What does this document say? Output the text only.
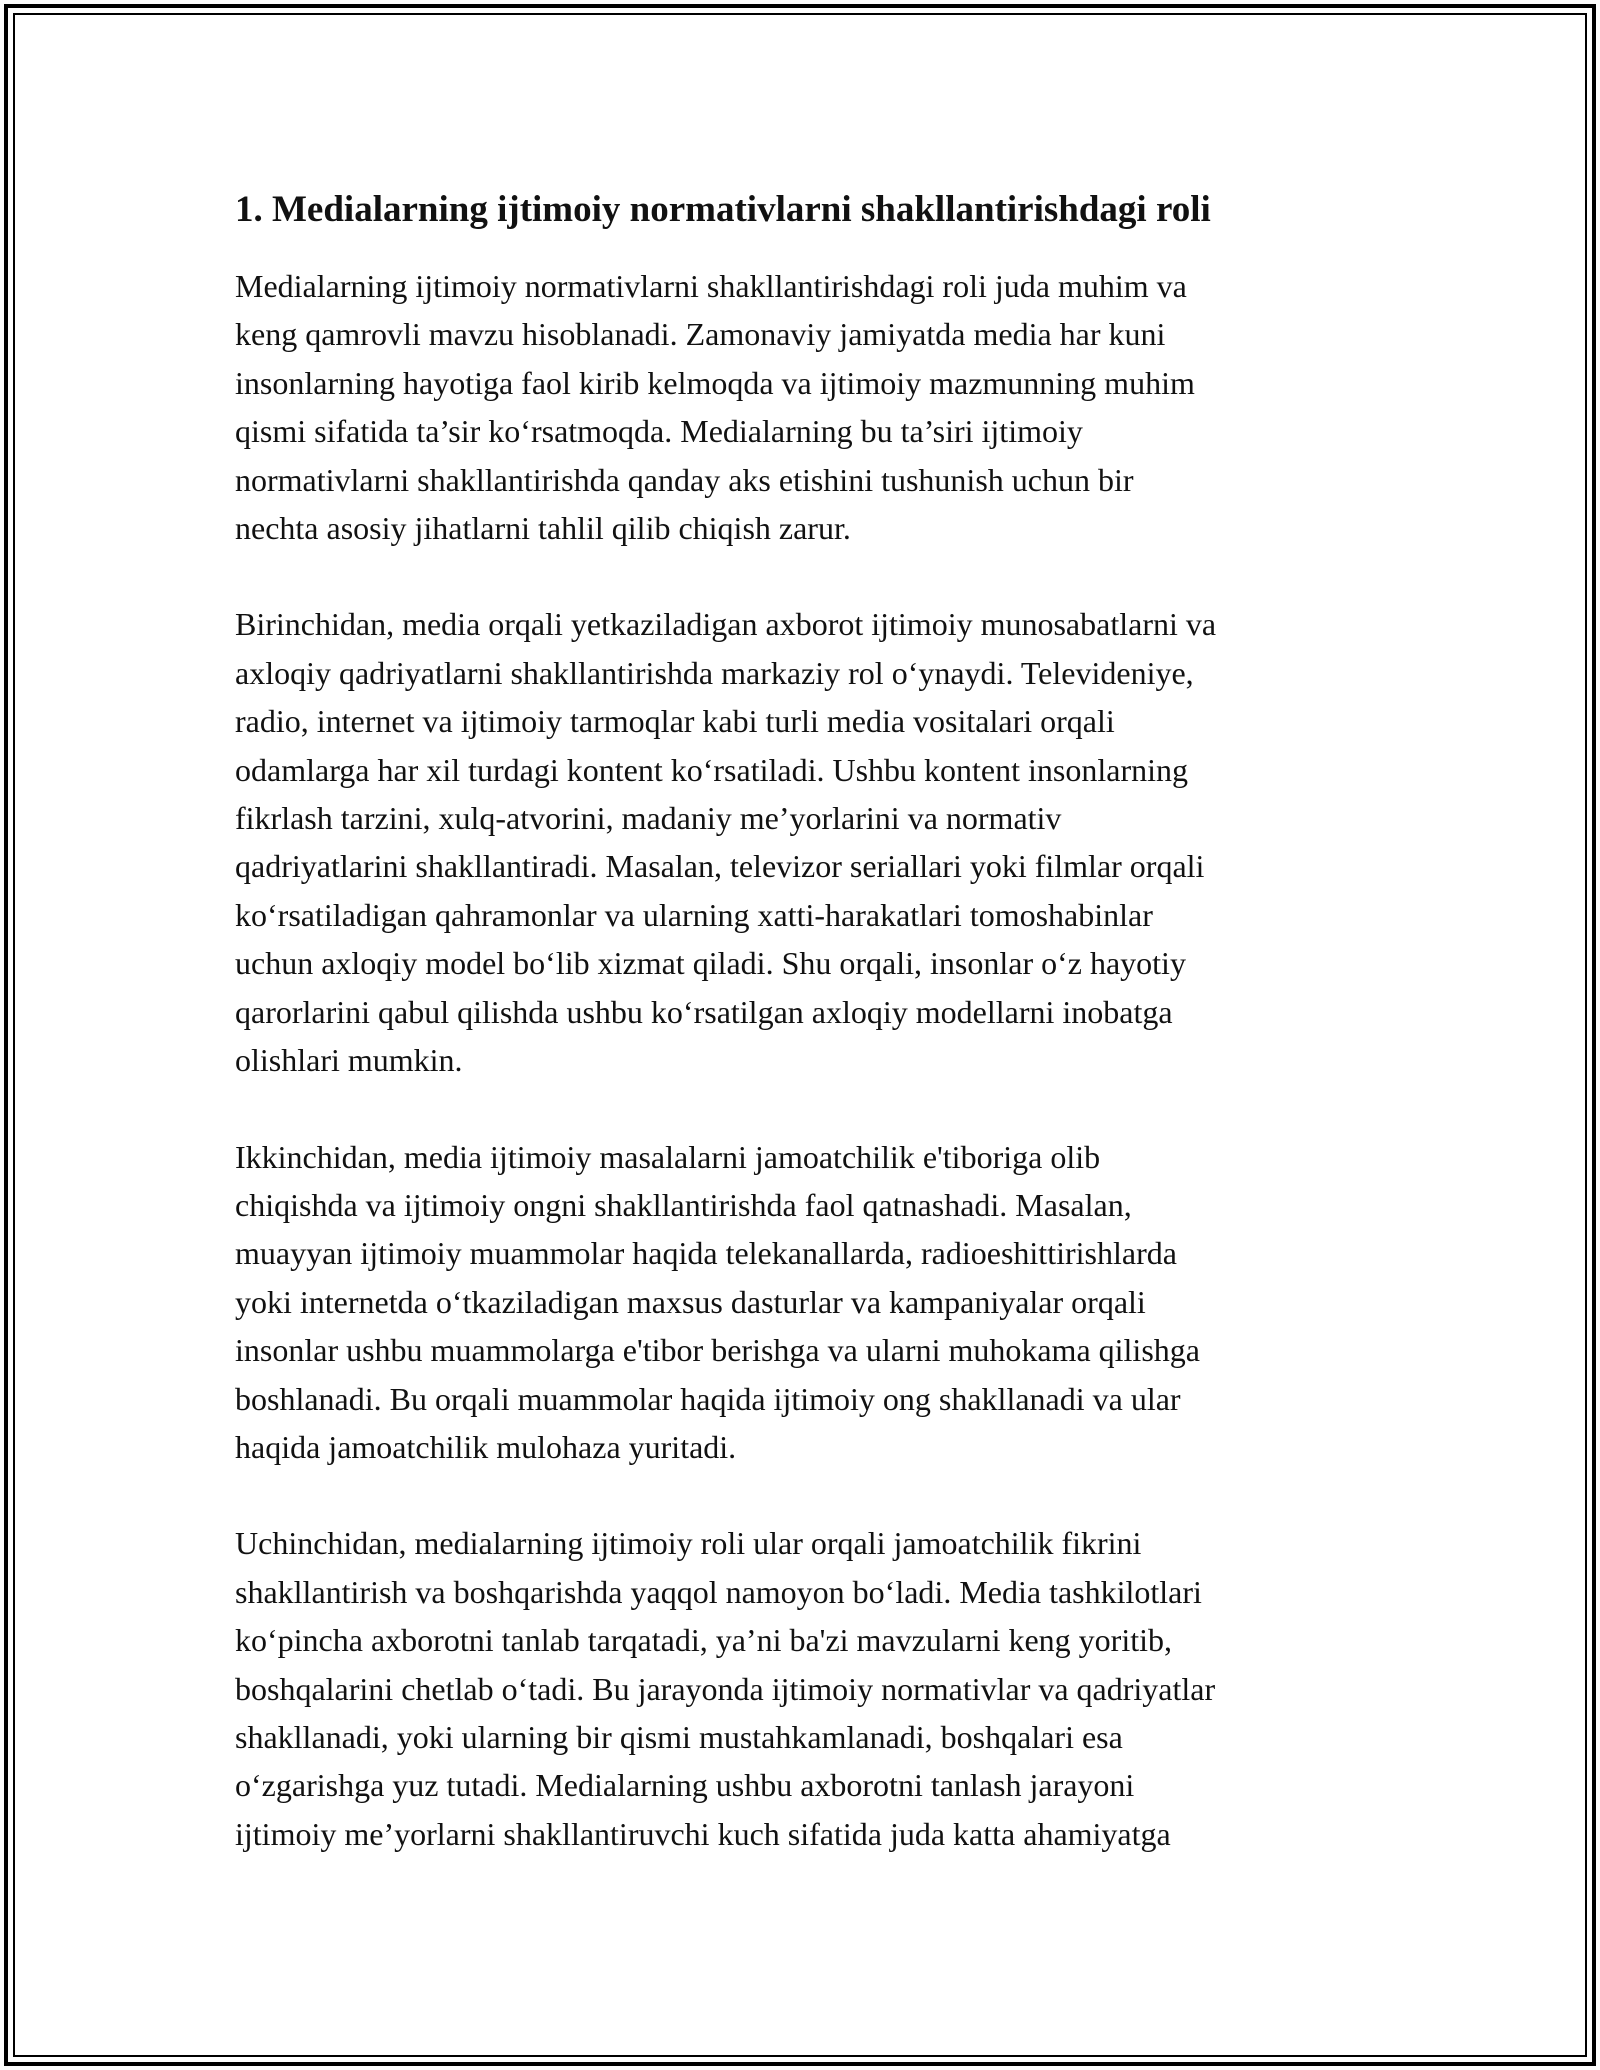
1. Medialarning ijtimoiy normativlarni shakllantirishdagi roli
Medialarning ijtimoiy normativlarni shakllantirishdagi roli juda muhim va
keng qamrovli mavzu hisoblanadi. Zamonaviy jamiyatda media har kuni
insonlarning hayotiga faol kirib kelmoqda va ijtimoiy mazmunning muhim
qismi sifatida ta’sir ko‘rsatmoqda. Medialarning bu ta’siri ijtimoiy
normativlarni shakllantirishda qanday aks etishini tushunish uchun bir
nechta asosiy jihatlarni tahlil qilib chiqish zarur.
Birinchidan, media orqali yetkaziladigan axborot ijtimoiy munosabatlarni va
axloqiy qadriyatlarni shakllantirishda markaziy rol o‘ynaydi. Televideniye,
radio, internet va ijtimoiy tarmoqlar kabi turli media vositalari orqali
odamlarga har xil turdagi kontent ko‘rsatiladi. Ushbu kontent insonlarning
fikrlash tarzini, xulq-atvorini, madaniy me’yorlarini va normativ
qadriyatlarini shakllantiradi. Masalan, televizor seriallari yoki filmlar orqali
ko‘rsatiladigan qahramonlar va ularning xatti-harakatlari tomoshabinlar
uchun axloqiy model bo‘lib xizmat qiladi. Shu orqali, insonlar o‘z hayotiy
qarorlarini qabul qilishda ushbu ko‘rsatilgan axloqiy modellarni inobatga
olishlari mumkin.
Ikkinchidan, media ijtimoiy masalalarni jamoatchilik e'tiboriga olib
chiqishda va ijtimoiy ongni shakllantirishda faol qatnashadi. Masalan,
muayyan ijtimoiy muammolar haqida telekanallarda, radioeshittirishlarda
yoki internetda o‘tkaziladigan maxsus dasturlar va kampaniyalar orqali
insonlar ushbu muammolarga e'tibor berishga va ularni muhokama qilishga
boshlanadi. Bu orqali muammolar haqida ijtimoiy ong shakllanadi va ular
haqida jamoatchilik mulohaza yuritadi.
Uchinchidan, medialarning ijtimoiy roli ular orqali jamoatchilik fikrini
shakllantirish va boshqarishda yaqqol namoyon bo‘ladi. Media tashkilotlari
ko‘pincha axborotni tanlab tarqatadi, ya’ni ba'zi mavzularni keng yoritib,
boshqalarini chetlab o‘tadi. Bu jarayonda ijtimoiy normativlar va qadriyatlar
shakllanadi, yoki ularning bir qismi mustahkamlanadi, boshqalari esa
o‘zgarishga yuz tutadi. Medialarning ushbu axborotni tanlash jarayoni
ijtimoiy me’yorlarni shakllantiruvchi kuch sifatida juda katta ahamiyatga
